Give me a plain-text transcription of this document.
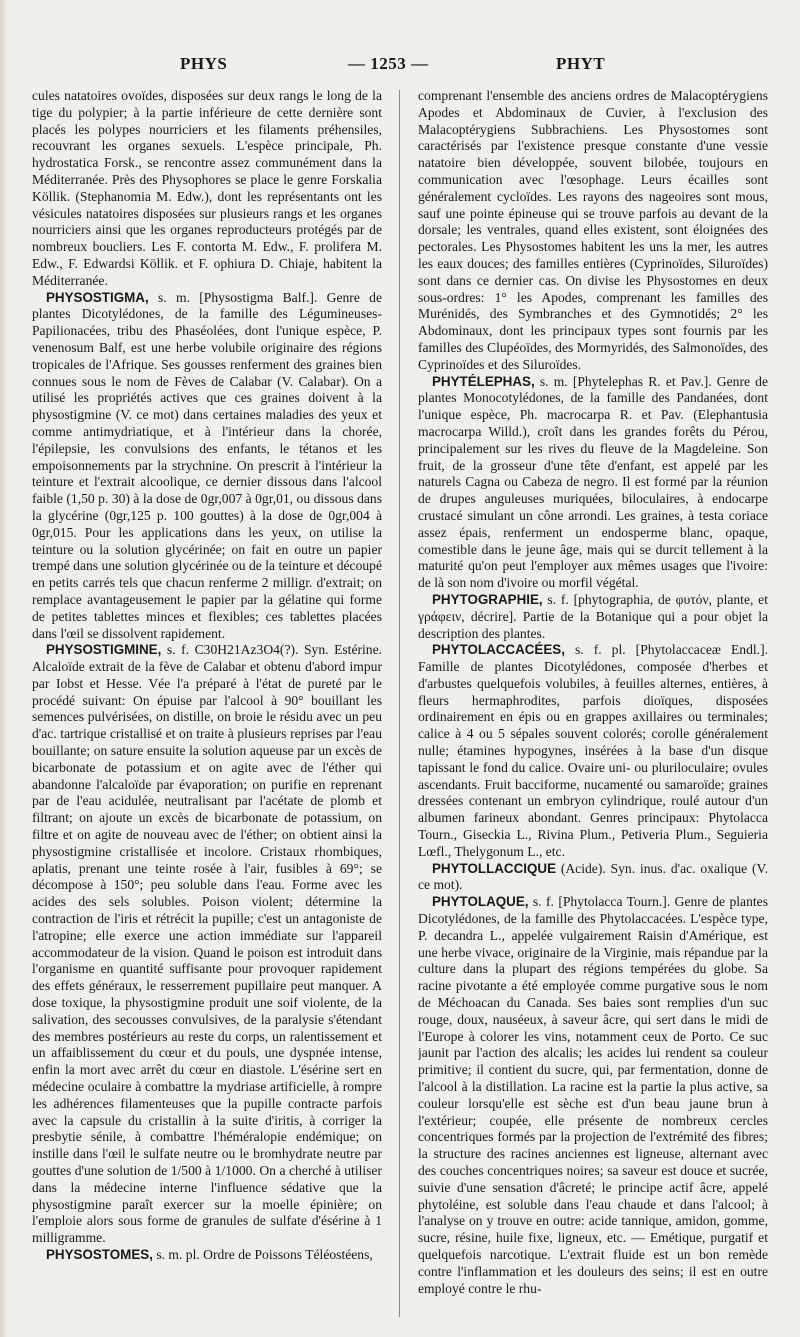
PHYS	— 1253 —	PHYT

cules natatoires ovoïdes, disposées sur deux rangs le long de la tige du polypier; à la partie inférieure de cette dernière sont placés les polypes nourriciers et les filaments préhensiles, recouvrant les organes sexuels. L'espèce principale, Ph. hydrostatica Forsk., se rencontre assez communément dans la Méditerranée. Près des Physophores se place le genre Forskalia Köllik. (Stephanomia M. Edw.), dont les représentants ont les vésicules natatoires disposées sur plusieurs rangs et les organes nourriciers ainsi que les organes reproducteurs protégés par de nombreux boucliers. Les F. contorta M. Edw., F. prolifera M. Edw., F. Edwardsi Köllik. et F. ophiura D. Chiaje, habitent la Méditerranée.

PHYSOSTIGMA, s. m. [Physostigma Balf.]. Genre de plantes Dicotylédones, de la famille des Légumineuses-Papilionacées, tribu des Phaséolées, dont l'unique espèce, P. venenosum Balf, est une herbe volubile originaire des régions tropicales de l'Afrique. Ses gousses renferment des graines bien connues sous le nom de Fèves de Calabar (V. Calabar). On a utilisé les propriétés actives que ces graines doivent à la physostigmine (V. ce mot) dans certaines maladies des yeux et comme antimydriatique, et à l'intérieur dans la chorée, l'épilepsie, les convulsions des enfants, le tétanos et les empoisonnements par la strychnine. On prescrit à l'intérieur la teinture et l'extrait alcoolique, ce dernier dissous dans l'alcool faible (1,50 p. 30) à la dose de 0gr,007 à 0gr,01, ou dissous dans la glycérine (0gr,125 p. 100 gouttes) à la dose de 0gr,004 à 0gr,015. Pour les applications dans les yeux, on utilise la teinture ou la solution glycérinée; on fait en outre un papier trempé dans une solution glycérinée ou de la teinture et découpé en petits carrés tels que chacun renferme 2 milligr. d'extrait; on remplace avantageusement le papier par la gélatine qui forme de petites tablettes minces et flexibles; ces tablettes placées dans l'œil se dissolvent rapidement.

PHYSOSTIGMINE, s. f. C30H21Az3O4(?). Syn. Estérine. Alcaloïde extrait de la fève de Calabar et obtenu d'abord impur par Iobst et Hesse. Vée l'a préparé à l'état de pureté par le procédé suivant: On épuise par l'alcool à 90° bouillant les semences pulvérisées, on distille, on broie le résidu avec un peu d'ac. tartrique cristallisé et on traite à plusieurs reprises par l'eau bouillante; on sature ensuite la solution aqueuse par un excès de bicarbonate de potassium et on agite avec de l'éther qui abandonne l'alcaloïde par évaporation; on purifie en reprenant par de l'eau acidulée, neutralisant par l'acétate de plomb et filtrant; on ajoute un excès de bicarbonate de potassium, on filtre et on agite de nouveau avec de l'éther; on obtient ainsi la physostigmine cristallisée et incolore. Cristaux rhombiques, aplatis, prenant une teinte rosée à l'air, fusibles à 69°; se décompose à 150°; peu soluble dans l'eau. Forme avec les acides des sels solubles. Poison violent; détermine la contraction de l'iris et rétrécit la pupille; c'est un antagoniste de l'atropine; elle exerce une action immédiate sur l'appareil accommodateur de la vision. Quand le poison est introduit dans l'organisme en quantité suffisante pour provoquer rapidement des effets généraux, le resserrement pupillaire peut manquer. A dose toxique, la physostigmine produit une soif violente, de la salivation, des secousses convulsives, de la paralysie s'étendant des membres postérieurs au reste du corps, un ralentissement et un affaiblissement du cœur et du pouls, une dyspnée intense, enfin la mort avec arrêt du cœur en diastole. L'ésérine sert en médecine oculaire à combattre la mydriase artificielle, à rompre les adhérences filamenteuses que la pupille contracte parfois avec la capsule du cristallin à la suite d'iritis, à corriger la presbytie sénile, à combattre l'héméralopie endémique; on instille dans l'œil le sulfate neutre ou le bromhydrate neutre par gouttes d'une solution de 1/500 à 1/1000. On a cherché à utiliser dans la médecine interne l'influence sédative que la physostigmine paraît exercer sur la moelle épinière; on l'emploie alors sous forme de granules de sulfate d'ésérine à 1 milligramme.

PHYSOSTOMES, s. m. pl. Ordre de Poissons Téléostéens,

comprenant l'ensemble des anciens ordres de Malacoptérygiens Apodes et Abdominaux de Cuvier, à l'exclusion des Malacoptérygiens Subbrachiens. Les Physostomes sont caractérisés par l'existence presque constante d'une vessie natatoire bien développée, souvent bilobée, toujours en communication avec l'œsophage. Leurs écailles sont généralement cycloïdes. Les rayons des nageoires sont mous, sauf une pointe épineuse qui se trouve parfois au devant de la dorsale; les ventrales, quand elles existent, sont éloignées des pectorales. Les Physostomes habitent les uns la mer, les autres les eaux douces; des familles entières (Cyprinoïdes, Siluroïdes) sont dans ce dernier cas. On divise les Physostomes en deux sous-ordres: 1° les Apodes, comprenant les familles des Murénidés, des Symbranches et des Gymnotidés; 2° les Abdominaux, dont les principaux types sont fournis par les familles des Clupéoïdes, des Mormyridés, des Salmonoïdes, des Cyprinoïdes et des Siluroïdes.

PHYTÉLEPHAS, s. m. [Phytelephas R. et Pav.]. Genre de plantes Monocotylédones, de la famille des Pandanées, dont l'unique espèce, Ph. macrocarpa R. et Pav. (Elephantusia macrocarpa Willd.), croît dans les grandes forêts du Pérou, principalement sur les rives du fleuve de la Magdeleine. Son fruit, de la grosseur d'une tête d'enfant, est appelé par les naturels Cagna ou Cabeza de negro. Il est formé par la réunion de drupes anguleuses muriquées, biloculaires, à endocarpe crustacé simulant un cône arrondi. Les graines, à testa coriace assez épais, renferment un endosperme blanc, opaque, comestible dans le jeune âge, mais qui se durcit tellement à la maturité qu'on peut l'employer aux mêmes usages que l'ivoire: de là son nom d'ivoire ou morfil végétal.

PHYTOGRAPHIE, s. f. [phytographia, de φυτόν, plante, et γράφειν, décrire]. Partie de la Botanique qui a pour objet la description des plantes.

PHYTOLACCACÉES, s. f. pl. [Phytolaccaceæ Endl.]. Famille de plantes Dicotylédones, composée d'herbes et d'arbustes quelquefois volubiles, à feuilles alternes, entières, à fleurs hermaphrodites, parfois dioïques, disposées ordinairement en épis ou en grappes axillaires ou terminales; calice à 4 ou 5 sépales souvent colorés; corolle généralement nulle; étamines hypogynes, insérées à la base d'un disque tapissant le fond du calice. Ovaire uni- ou pluriloculaire; ovules ascendants. Fruit bacciforme, nucamenté ou samaroïde; graines dressées contenant un embryon cylindrique, roulé autour d'un albumen farineux abondant. Genres principaux: Phytolacca Tourn., Giseckia L., Rivina Plum., Petiveria Plum., Seguieria Lœfl., Thelygonum L., etc.

PHYTOLLACCIQUE (Acide). Syn. inus. d'ac. oxalique (V. ce mot).

PHYTOLAQUE, s. f. [Phytolacca Tourn.]. Genre de plantes Dicotylédones, de la famille des Phytolaccacées. L'espèce type, P. decandra L., appelée vulgairement Raisin d'Amérique, est une herbe vivace, originaire de la Virginie, mais répandue par la culture dans la plupart des régions tempérées du globe. Sa racine pivotante a été employée comme purgative sous le nom de Méchoacan du Canada. Ses baies sont remplies d'un suc rouge, doux, nauséeux, à saveur âcre, qui sert dans le midi de l'Europe à colorer les vins, notamment ceux de Porto. Ce suc jaunit par l'action des alcalis; les acides lui rendent sa couleur primitive; il contient du sucre, qui, par fermentation, donne de l'alcool à la distillation. La racine est la partie la plus active, sa couleur lorsqu'elle est sèche est d'un beau jaune brun à l'extérieur; coupée, elle présente de nombreux cercles concentriques formés par la projection de l'extrémité des fibres; la structure des racines anciennes est ligneuse, alternant avec des couches concentriques noires; sa saveur est douce et sucrée, suivie d'une sensation d'âcreté; le principe actif âcre, appelé phytoléine, est soluble dans l'eau chaude et dans l'alcool; à l'analyse on y trouve en outre: acide tannique, amidon, gomme, sucre, résine, huile fixe, ligneux, etc. — Emétique, purgatif et quelquefois narcotique. L'extrait fluide est un bon remède contre l'inflammation et les douleurs des seins; il est en outre employé contre le rhu-
